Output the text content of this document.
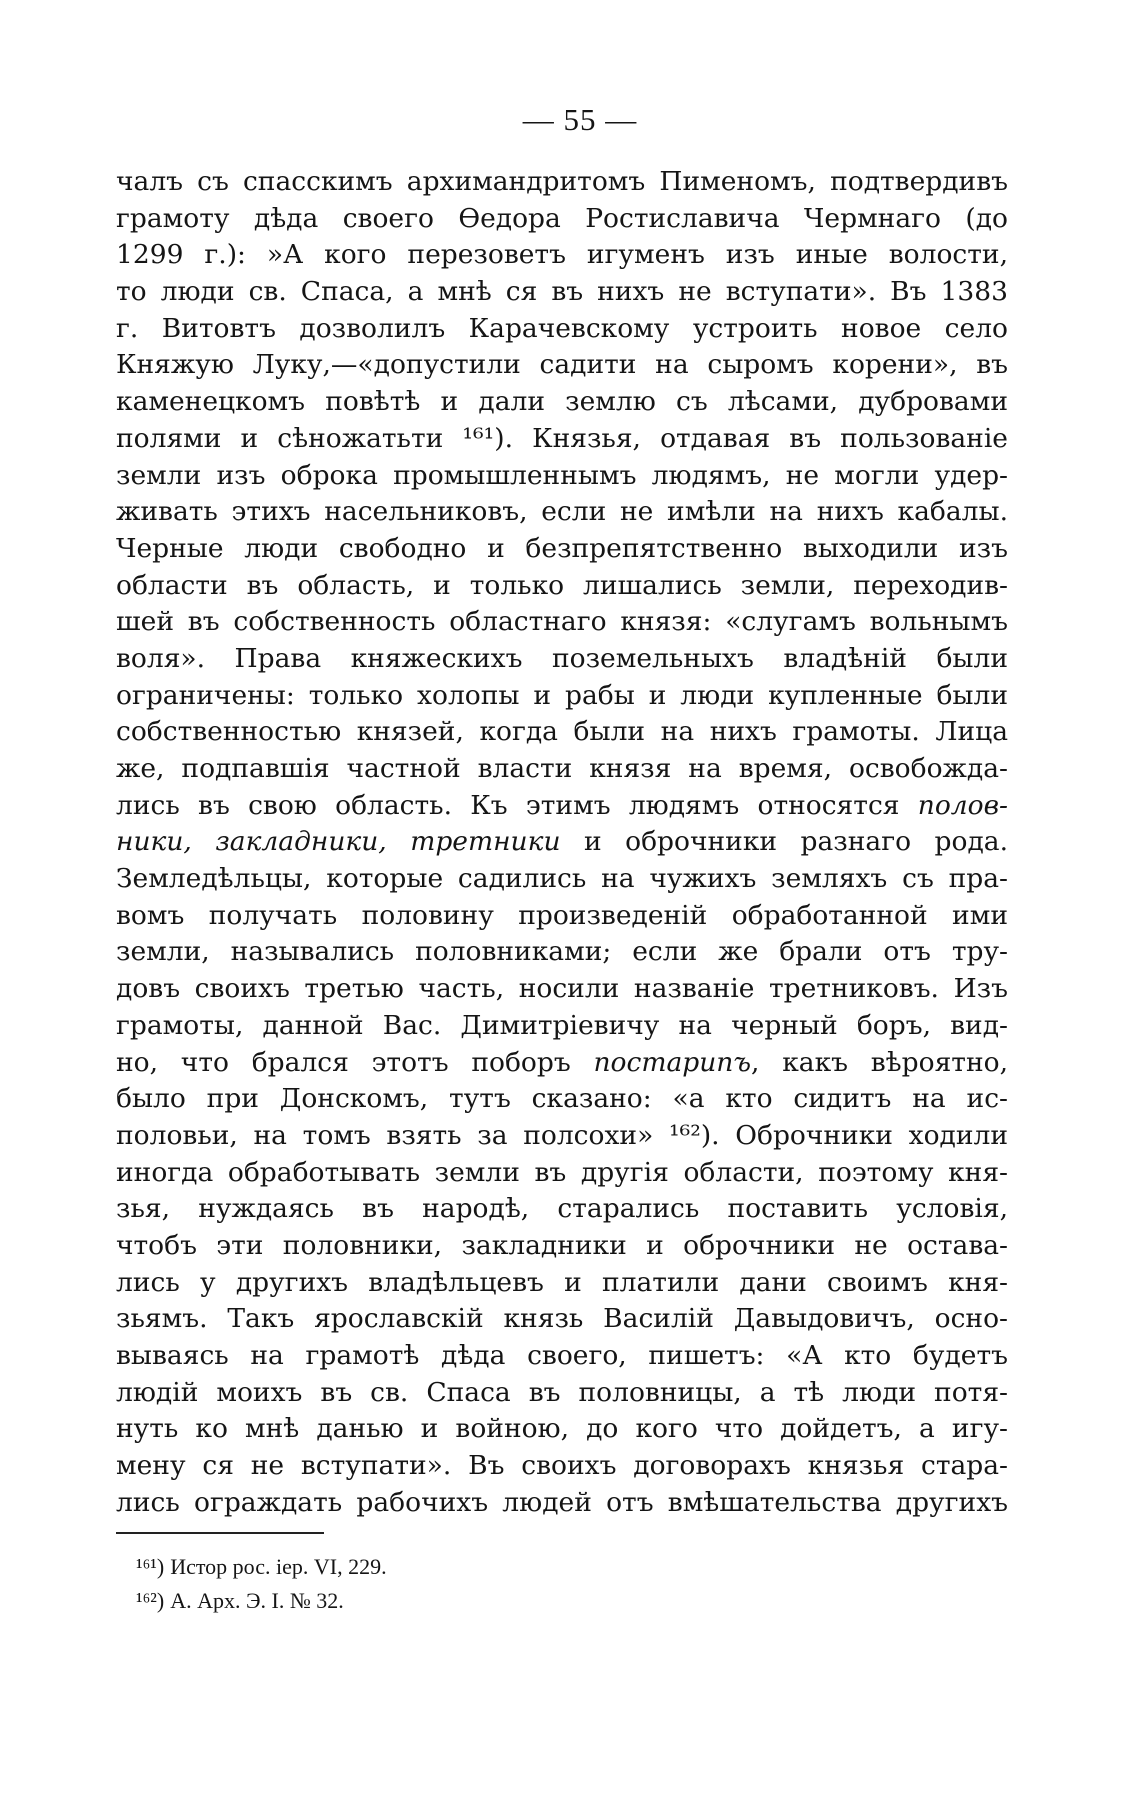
— 55 —
чалъ съ спасскимъ архимандритомъ Пименомъ, подтвердивъ
грамоту дѣда своего Ѳедора Ростиславича Чермнаго (до
1299 г.): »А кого перезоветъ игуменъ изъ иные волости,
то люди св. Спаса, а мнѣ ся въ нихъ не вступати». Въ 1383
г. Витовтъ дозволилъ Карачевскому устроить новое село
Княжую Луку,—«допустили садити на сыромъ корени», въ
каменецкомъ повѣтѣ и дали землю съ лѣсами, дубровами
полями и сѣножатьти ¹⁶¹). Князья, отдавая въ пользованіе
земли изъ оброка промышленнымъ людямъ, не могли удер-
живать этихъ насельниковъ, если не имѣли на нихъ кабалы.
Черные люди свободно и безпрепятственно выходили изъ
области въ область, и только лишались земли, переходив-
шей въ собственность областнаго князя: «слугамъ вольнымъ
воля». Права княжескихъ поземельныхъ владѣній были
ограничены: только холопы и рабы и люди купленные были
собственностью князей, когда были на нихъ грамоты. Лица
же, подпавшія частной власти князя на время, освобожда-
лись въ свою область. Къ этимъ людямъ относятся полов-
ники, закладники, третники и оброчники разнаго рода.
Земледѣльцы, которые садились на чужихъ земляхъ съ пра-
вомъ получать половину произведеній обработанной ими
земли, назывались половниками; если же брали отъ тру-
довъ своихъ третью часть, носили названіе третниковъ. Изъ
грамоты, данной Вас. Димитріевичу на черный боръ, вид-
но, что брался этотъ поборъ постарипъ, какъ вѣроятно,
было при Донскомъ, тутъ сказано: «а кто сидитъ на ис-
половьи, на томъ взять за полсохи» ¹⁶²). Оброчники ходили
иногда обработывать земли въ другія области, поэтому кня-
зья, нуждаясь въ народѣ, старались поставить условія,
чтобъ эти половники, закладники и оброчники не остава-
лись у другихъ владѣльцевъ и платили дани своимъ кня-
зьямъ. Такъ ярославскій князь Василій Давыдовичъ, осно-
вываясь на грамотѣ дѣда своего, пишетъ: «А кто будетъ
людій моихъ въ св. Спаса въ половницы, а тѣ люди потя-
нуть ко мнѣ данью и войною, до кого что дойдетъ, а игу-
мену ся не вступати». Въ своихъ договорахъ князья стара-
лись ограждать рабочихъ людей отъ вмѣшательства другихъ
¹⁶¹) Истор рос. іер. VI, 229.
¹⁶²) А. Арх. Э. I. № 32.
